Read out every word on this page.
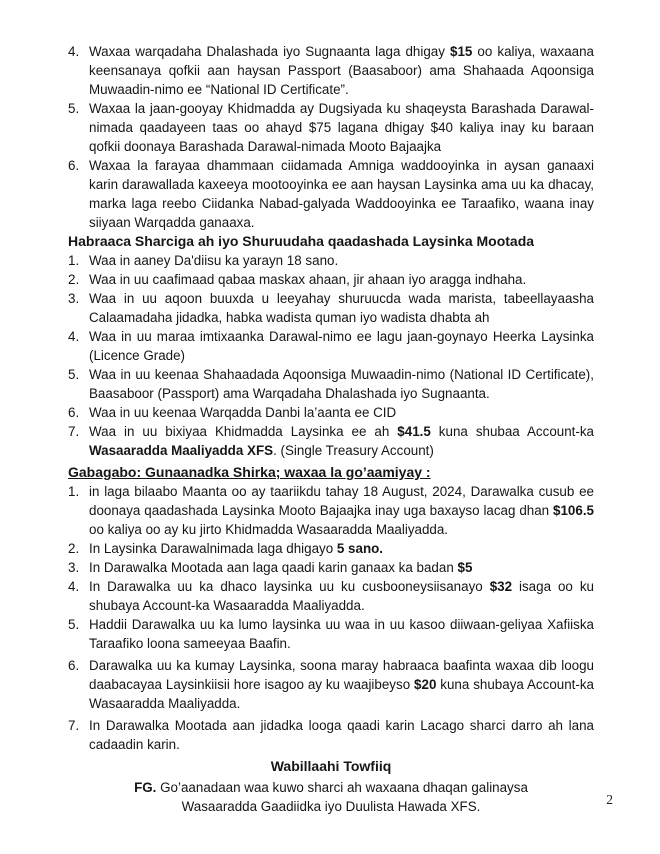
Waxaa warqadaha Dhalashada iyo Sugnaanta laga dhigay $15 oo kaliya, waxaana keensanaya qofkii aan haysan Passport (Baasaboor) ama Shahaada Aqoonsiga Muwaadin-nimo ee “National ID Certificate”.
Waxaa la jaan-gooyay Khidmadda ay Dugsiyada ku shaqeysta Barashada Darawal-nimada qaadayeen taas oo ahayd $75 lagana dhigay $40 kaliya inay ku baraan qofkii doonaya Barashada Darawal-nimada Mooto Bajaajka
Waxaa la farayaa dhammaan ciidamada Amniga waddooyinka in aysan ganaaxi karin darawallada kaxeeya mootooyinka ee aan haysan Laysinka ama uu ka dhacay, marka laga reebo Ciidanka Nabad-galyada Waddooyinka ee Taraafiko, waana inay siiyaan Warqadda ganaaxa.
Habraaca Sharciga ah iyo Shuruudaha qaadashada Laysinka Mootada
Waa in aaney Da'diisu ka yarayn 18 sano.
Waa in uu caafimaad qabaa maskax ahaan, jir ahaan iyo aragga indhaha.
Waa in uu aqoon buuxda u leeyahay shuruucda wada marista, tabeellayaasha Calaamadaha jidadka, habka wadista quman iyo wadista dhabta ah
Waa in uu maraa imtixaanka Darawal-nimo ee lagu jaan-goynayo Heerka Laysinka (Licence Grade)
Waa in uu keenaa Shahaadada Aqoonsiga Muwaadin-nimo (National ID Certificate), Baasaboor (Passport) ama Warqadaha Dhalashada iyo Sugnaanta.
Waa in uu keenaa Warqadda Danbi la’aanta ee CID
Waa in uu bixiyaa Khidmadda Laysinka ee ah $41.5 kuna shubaa Account-ka Wasaaradda Maaliyadda XFS. (Single Treasury Account)
Gabagabo: Gunaanadka Shirka; waxaa la go’aamiyay :
in laga bilaabo Maanta oo ay taariikdu tahay 18 August, 2024, Darawalka cusub ee doonaya qaadashada Laysinka Mooto Bajaajka inay uga baxayso lacag dhan $106.5 oo kaliya oo ay ku jirto Khidmadda Wasaaradda Maaliyadda.
In Laysinka Darawalnimada laga dhigayo 5 sano.
In Darawalka Mootada aan laga qaadi karin ganaax ka badan $5
In Darawalka uu ka dhaco laysinka uu ku cusbooneysiisanayo $32 isaga oo ku shubaya Account-ka Wasaaradda Maaliyadda.
Haddii Darawalka uu ka lumo laysinka uu waa in uu kasoo diiwaan-geliyaa Xafiiska Taraafiko loona sameeyaa Baafin.
Darawalka uu ka kumay Laysinka, soona maray habraaca baafinta waxaa dib loogu daabacayaa Laysinkiisii hore isagoo ay ku waajibeyso $20 kuna shubaya Account-ka Wasaaradda Maaliyadda.
In Darawalka Mootada aan jidadka looga qaadi karin Lacago sharci darro ah lana cadaadin karin.

Wabillaahi Towfiiq

FG. Go’aanadaan waa kuwo sharci ah waxaana dhaqan galinaysa
Wasaaradda Gaadiidka iyo Duulista Hawada XFS.	2
